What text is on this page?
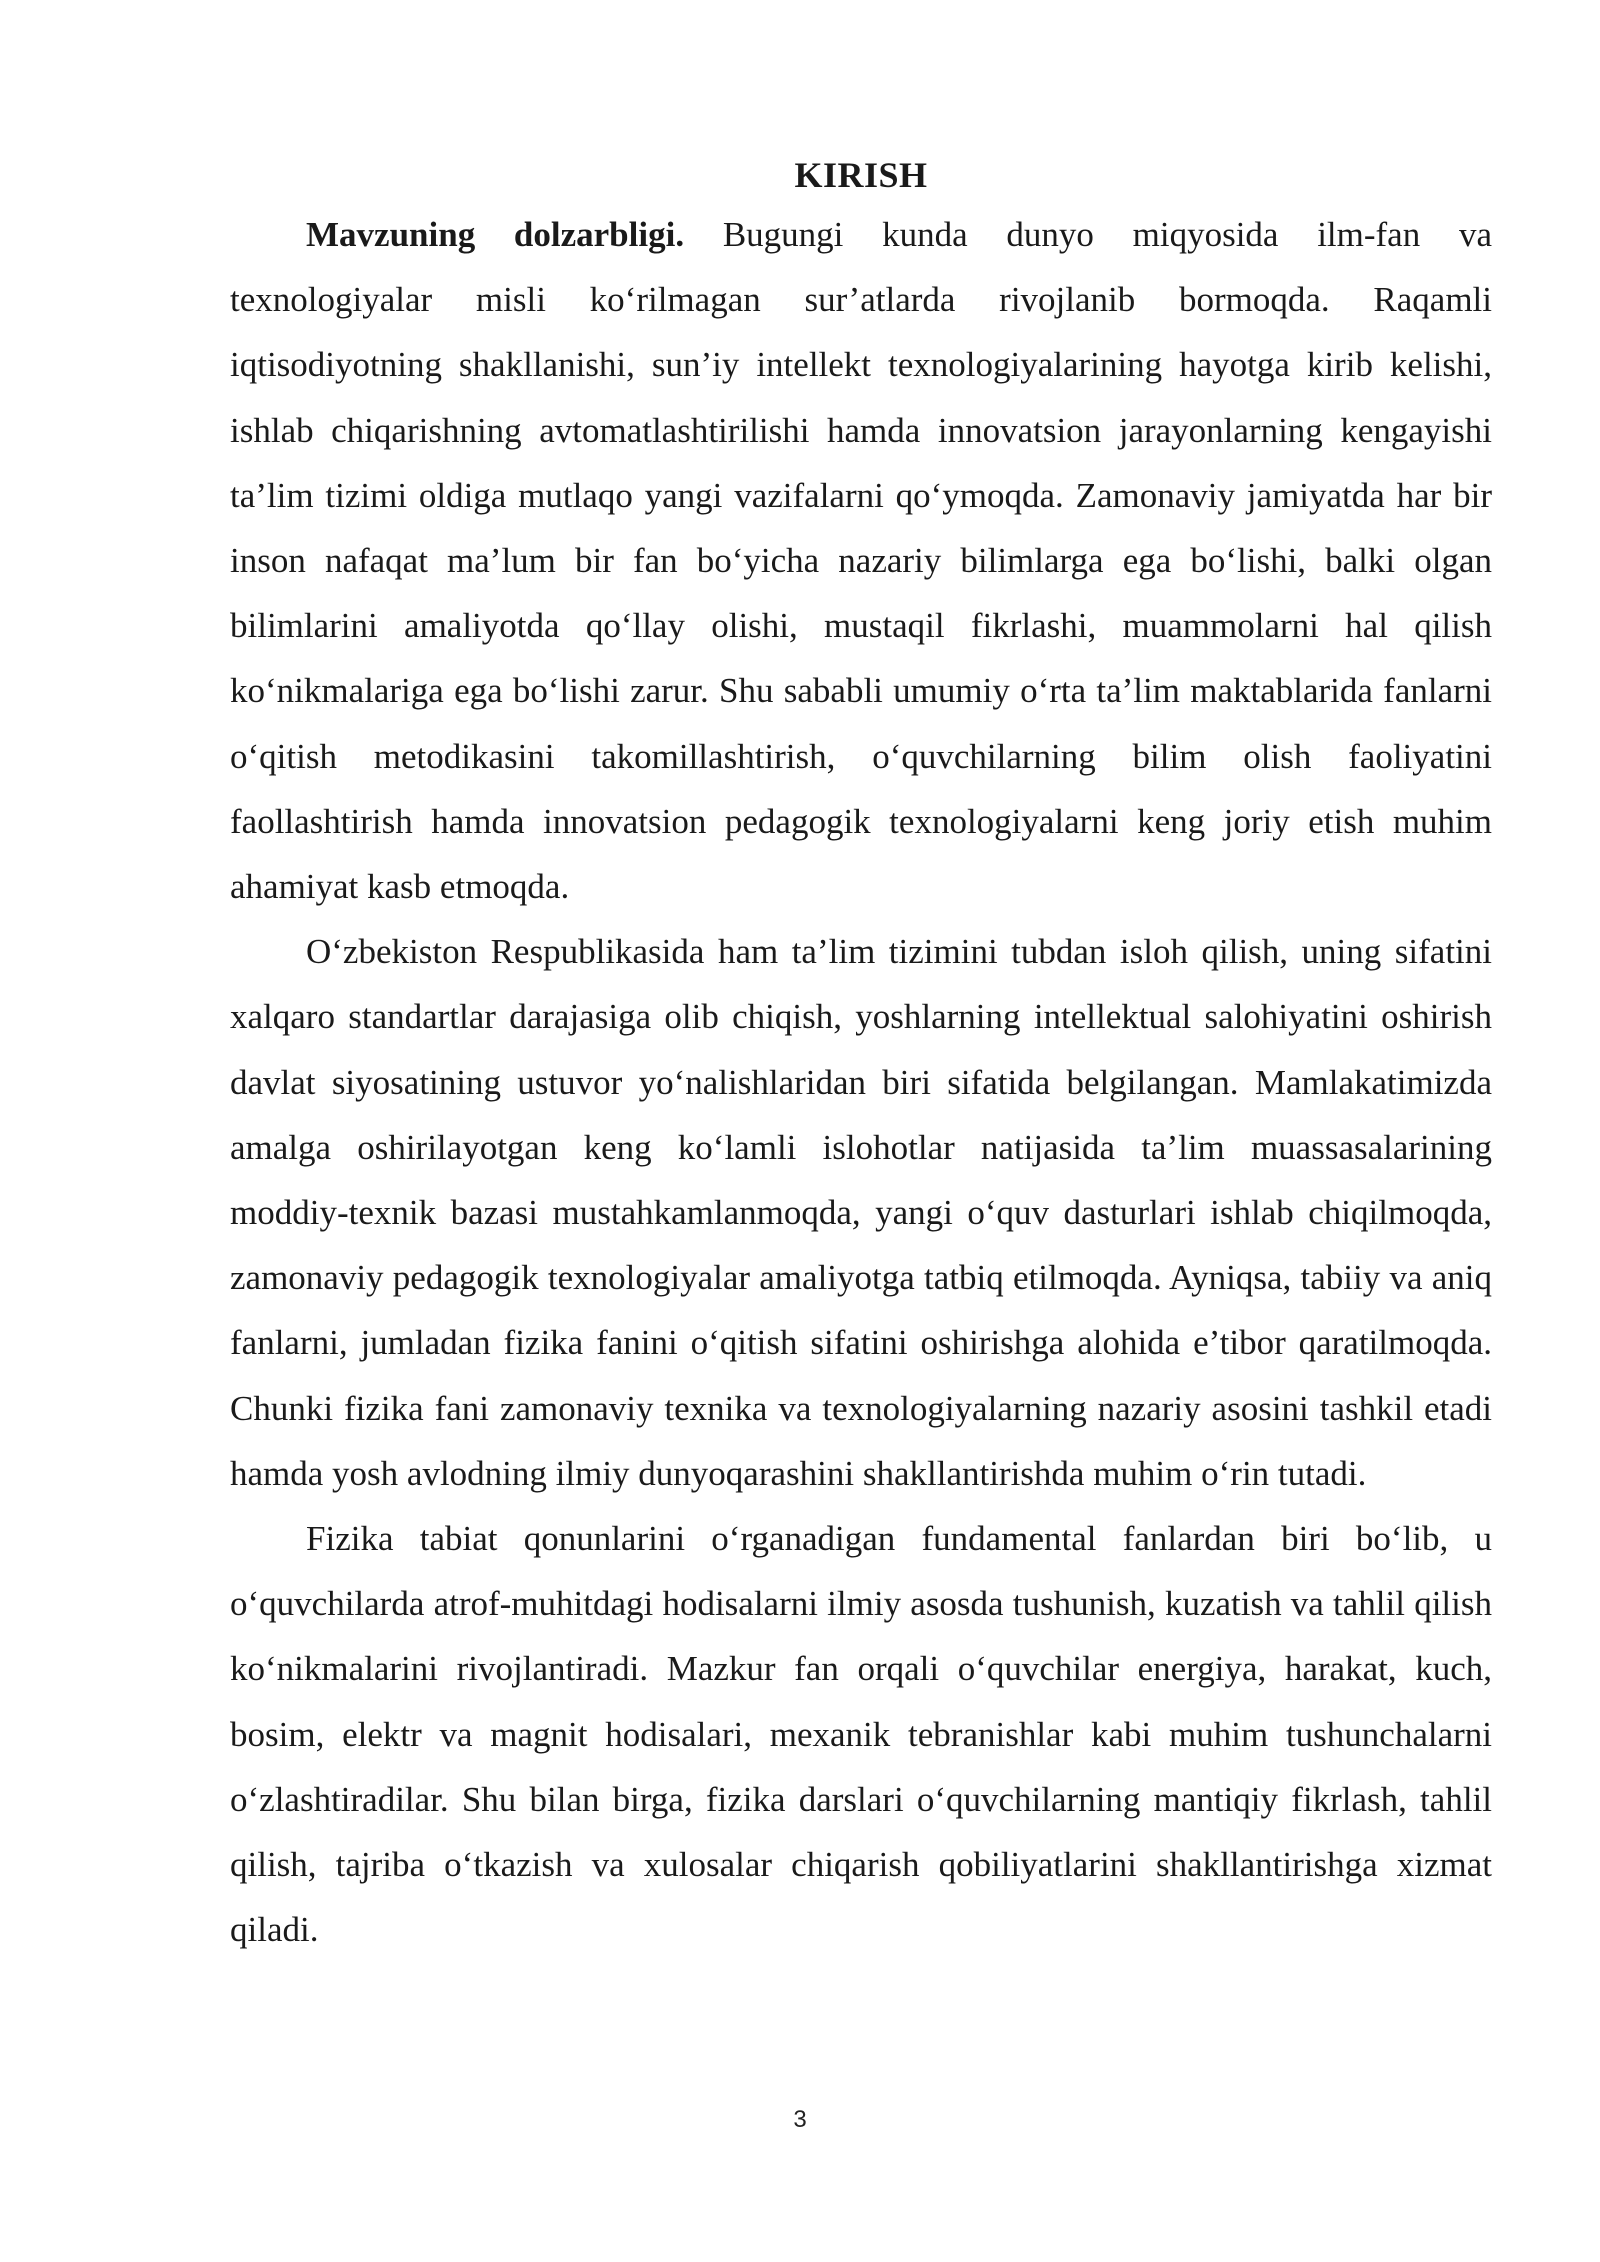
KIRISH

Mavzuning dolzarbligi. Bugungi kunda dunyo miqyosida ilm-fan va texnologiyalar misli ko‘rilmagan sur’atlarda rivojlanib bormoqda. Raqamli iqtisodiyotning shakllanishi, sun’iy intellekt texnologiyalarining hayotga kirib kelishi, ishlab chiqarishning avtomatlashtirilishi hamda innovatsion jarayonlarning kengayishi ta’lim tizimi oldiga mutlaqo yangi vazifalarni qo‘ymoqda. Zamonaviy jamiyatda har bir inson nafaqat ma’lum bir fan bo‘yicha nazariy bilimlarga ega bo‘lishi, balki olgan bilimlarini amaliyotda qo‘llay olishi, mustaqil fikrlashi, muammolarni hal qilish ko‘nikmalariga ega bo‘lishi zarur. Shu sababli umumiy o‘rta ta’lim maktablarida fanlarni o‘qitish metodikasini takomillashtirish, o‘quvchilarning bilim olish faoliyatini faollashtirish hamda innovatsion pedagogik texnologiyalarni keng joriy etish muhim ahamiyat kasb etmoqda.

O‘zbekiston Respublikasida ham ta’lim tizimini tubdan isloh qilish, uning sifatini xalqaro standartlar darajasiga olib chiqish, yoshlarning intellektual salohiyatini oshirish davlat siyosatining ustuvor yo‘nalishlaridan biri sifatida belgilangan. Mamlakatimizda amalga oshirilayotgan keng ko‘lamli islohotlar natijasida ta’lim muassasalarining moddiy-texnik bazasi mustahkamlanmoqda, yangi o‘quv dasturlari ishlab chiqilmoqda, zamonaviy pedagogik texnologiyalar amaliyotga tatbiq etilmoqda. Ayniqsa, tabiiy va aniq fanlarni, jumladan fizika fanini o‘qitish sifatini oshirishga alohida e’tibor qaratilmoqda. Chunki fizika fani zamonaviy texnika va texnologiyalarning nazariy asosini tashkil etadi hamda yosh avlodning ilmiy dunyoqarashini shakllantirishda muhim o‘rin tutadi.

Fizika tabiat qonunlarini o‘rganadigan fundamental fanlardan biri bo‘lib, u o‘quvchilarda atrof-muhitdagi hodisalarni ilmiy asosda tushunish, kuzatish va tahlil qilish ko‘nikmalarini rivojlantiradi. Mazkur fan orqali o‘quvchilar energiya, harakat, kuch, bosim, elektr va magnit hodisalari, mexanik tebranishlar kabi muhim tushunchalarni o‘zlashtiradilar. Shu bilan birga, fizika darslari o‘quvchilarning mantiqiy fikrlash, tahlil qilish, tajriba o‘tkazish va xulosalar chiqarish qobiliyatlarini shakllantirishga xizmat qiladi.

3
